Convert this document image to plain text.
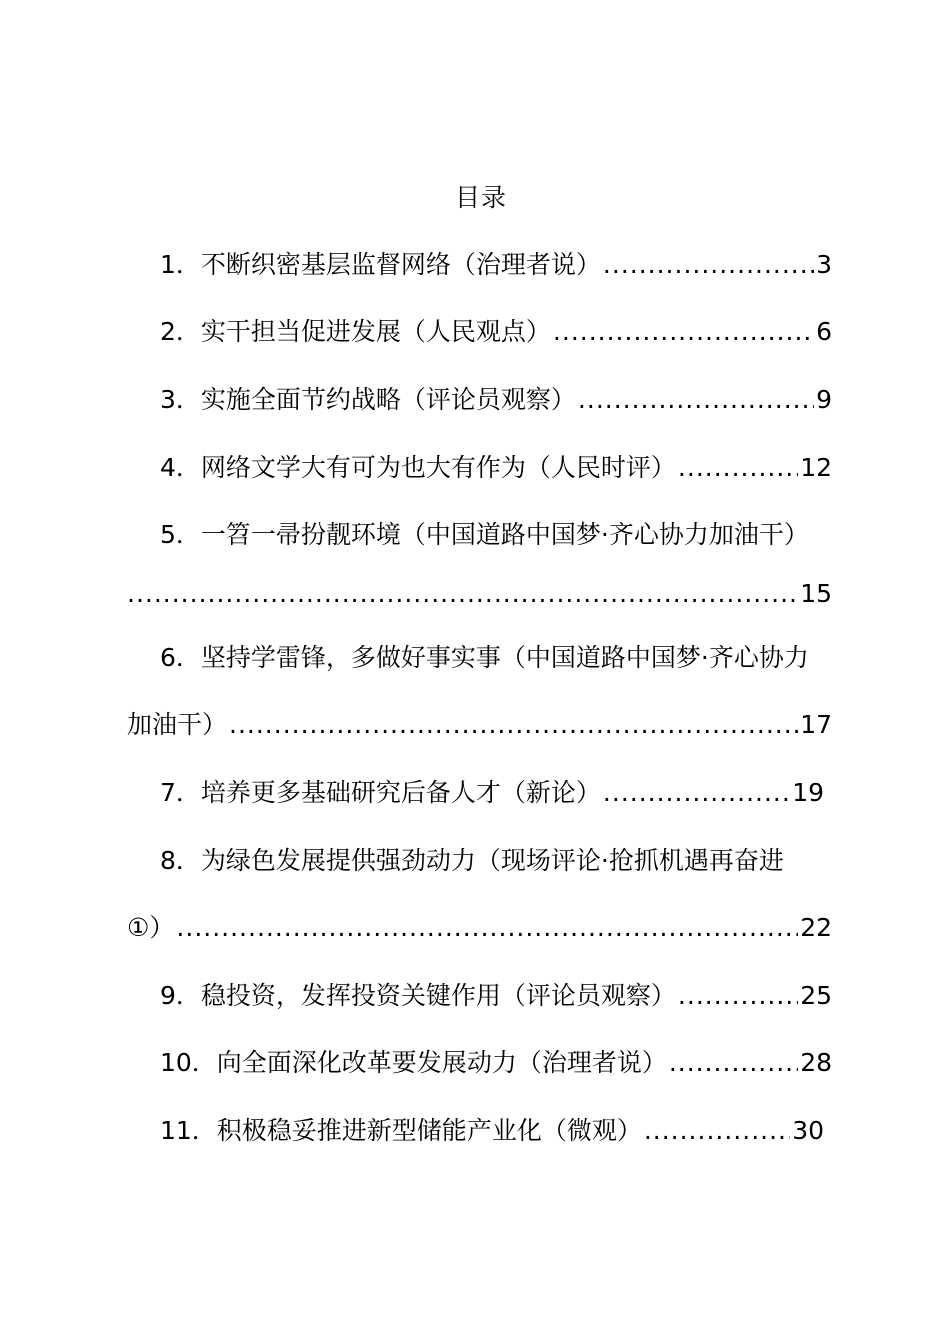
目录
1．不断织密基层监督网络（治理者说） .....	3
2．实干担当促进发展（人民观点） .....	6
3．实施全面节约战略（评论员观察） .....	9
4．网络文学大有可为也大有作为（人民时评） .....	12
5．一笤一帚扮靓环境（中国道路中国梦·齐心协力加油干）
.....
15
6．坚持学雷锋，多做好事实事（中国道路中国梦·齐心协力
加油干） .....	17
7．培养更多基础研究后备人才（新论） .....	19
8．为绿色发展提供强劲动力（现场评论·抢抓机遇再奋进
①） .....	22
9．稳投资，发挥投资关键作用（评论员观察） .....	25
10．向全面深化改革要发展动力（治理者说） .....	28
11．积极稳妥推进新型储能产业化（微观） .....	30
